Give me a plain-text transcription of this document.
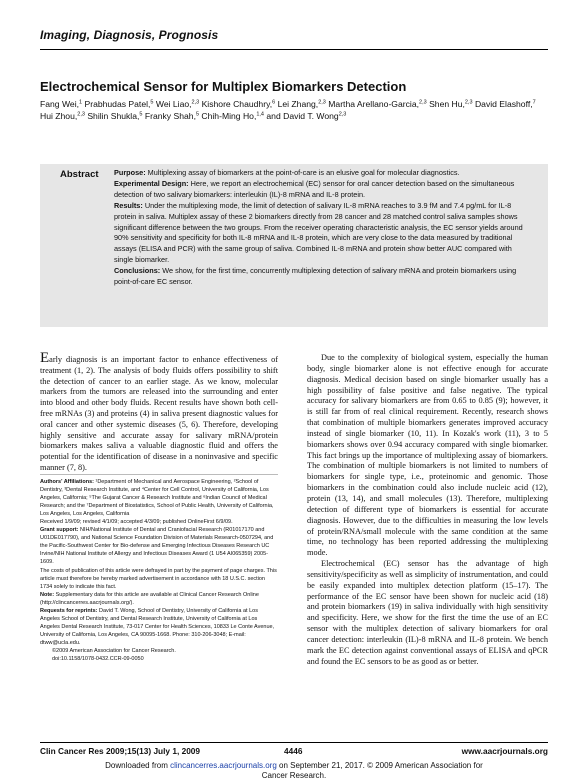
Imaging, Diagnosis, Prognosis
Electrochemical Sensor for Multiplex Biomarkers Detection
Fang Wei,$^1$ Prabhudas Patel,$^5$ Wei Liao,$^{2,3}$ Kishore Chaudhry,$^6$ Lei Zhang,$^{2,3}$ Martha Arellano-Garcia,$^{2,3}$ Shen Hu,$^{2,3}$ David Elashoff,$^7$ Hui Zhou,$^{2,3}$ Shilin Shukla,$^5$ Franky Shah,$^5$ Chih-Ming Ho,$^{1,4}$ and David T. Wong$^{2,3}$
Abstract Purpose: Multiplexing assay of biomarkers at the point-of-care is an elusive goal for molecular diagnostics.
Experimental Design: Here, we report an electrochemical (EC) sensor for oral cancer detection based on the simultaneous detection of two salivary biomarkers: interleukin (IL)-8 mRNA and IL-8 protein.
Results: Under the multiplexing mode, the limit of detection of salivary IL-8 mRNA reaches to 3.9 fM and 7.4 pg/mL for IL-8 protein in saliva. Multiplex assay of these 2 biomarkers directly from 28 cancer and 28 matched control saliva samples shows significant difference between the two groups. From the receiver operating characteristic analysis, the EC sensor yields around 90% sensitivity and specificity for both IL-8 mRNA and IL-8 protein, which are very close to the data measured by traditional assays (ELISA and PCR) with the same group of saliva. Combined IL-8 mRNA and protein show better AUC compared with single biomarker.
Conclusions: We show, for the first time, concurrently multiplexing detection of salivary mRNA and protein biomarkers using point-of-care EC sensor.
Early diagnosis is an important factor to enhance effectiveness of treatment (1, 2). The analysis of body fluids offers possibility to shift the detection of cancer to an earlier stage. As we know, molecular markers from the tumors are released into the surrounding and enter into blood and other body fluids. Recent results have shown both cell-free mRNAs (3) and proteins (4) in saliva present diagnostic values for oral cancer and other systemic diseases (5, 6). Therefore, developing highly sensitive and accurate assay for salivary mRNA/protein biomarkers makes saliva a valuable diagnostic fluid and offers the potential for the identification of disease in a noninvasive and specific manner (7, 8).
Authors' Affiliations: ¹Department of Mechanical and Aerospace Engineering, ²School of Dentistry, ³Dental Research Institute, and ⁴Center for Cell Control, University of California, Los Angeles, California; ⁵The Gujarat Cancer & Research Institute and ⁶Indian Council of Medical Research; and the ⁷Department of Biostatistics, School of Public Health, University of California, Los Angeles, Los Angeles, California
Received 1/9/09; revised 4/1/09; accepted 4/3/09; published OnlineFirst 6/9/09.
Grant support: NIH/National Institute of Dental and Craniofacial Research (R01017170 and U01DE017790), and National Science Foundation Division of Materials Research-0507294, and the Pacific-Southwest Center for Bio-defense and Emerging Infectious Diseases Research UC Irvine/NIH National Institute of Allergy and Infectious Diseases Award (1 U54 AI065359) 2005-1609.
The costs of publication of this article were defrayed in part by the payment of page charges. This article must therefore be hereby marked advertisement in accordance with 18 U.S.C. section 1734 solely to indicate this fact.
Note: Supplementary data for this article are available at Clinical Cancer Research Online (http://clincancerres.aacrjournals.org/).
Requests for reprints: David T. Wong, School of Dentistry, University of California at Los Angeles School of Dentistry, and Dental Research Institute, University of California at Los Angeles Dental Research Institute, 73-017 Center for Health Sciences, 10833 Le Conte Avenue, University of California, Los Angeles, CA 90095-1668. Phone: 310-206-3048; E-mail: dtww@ucla.edu.
©2009 American Association for Cancer Research.
doi:10.1158/1078-0432.CCR-09-0050

Due to the complexity of biological system, especially the human body, single biomarker alone is not effective enough for accurate diagnosis. Medical decision based on single biomarker usually has a high possibility of false positive and false negative. The typical accuracy for salivary biomarkers are from 0.65 to 0.85 (9); however, it is still far from of real clinical requirement. Recently, research shows that combination of multiple biomarkers generates improved accuracy instead of single biomarker (10, 11). In Kozak's work (11), 3 to 5 biomarkers shows over 0.94 accuracy compared with single biomarker. This fact brings up the importance of multiplexing assay of biomarkers. The combination of multiple biomarkers is not limited to numbers of biomarkers for single type, i.e., proteinomic and genomic. Those biomarkers in the combination could also include nucleic acid (12), protein (13, 14), and small molecules (13). Therefore, multiplexing detection of different type of biomarkers is essential for accurate diagnosis. However, due to the difficulties in measuring the low levels of protein/RNA/small molecule with the same condition at the same time, no technology has been reported addressing the multiplexing mode.

Electrochemical (EC) sensor has the advantage of high sensitivity/specificity as well as simplicity of instrumentation, and could be easily expanded into multiplex detection platform (15–17). The performance of the EC sensor have been shown for nucleic acid (18) and protein biomarkers (19) in saliva individually with high sensitivity and specificity. Here, we show for the first the time the use of an EC sensor with the multiplex detection of salivary biomarkers for oral cancer detection: interleukin (IL)-8 mRNA and IL-8 protein. We bench mark the EC detection against conventional assays of ELISA and qPCR and found the EC sensors to be as good as or better.

Clin Cancer Res 2009;15(13) July 1, 2009	4446	www.aacrjournals.org
Downloaded from clincancerres.aacrjournals.org on September 21, 2017. © 2009 American Association for
Cancer Research.
